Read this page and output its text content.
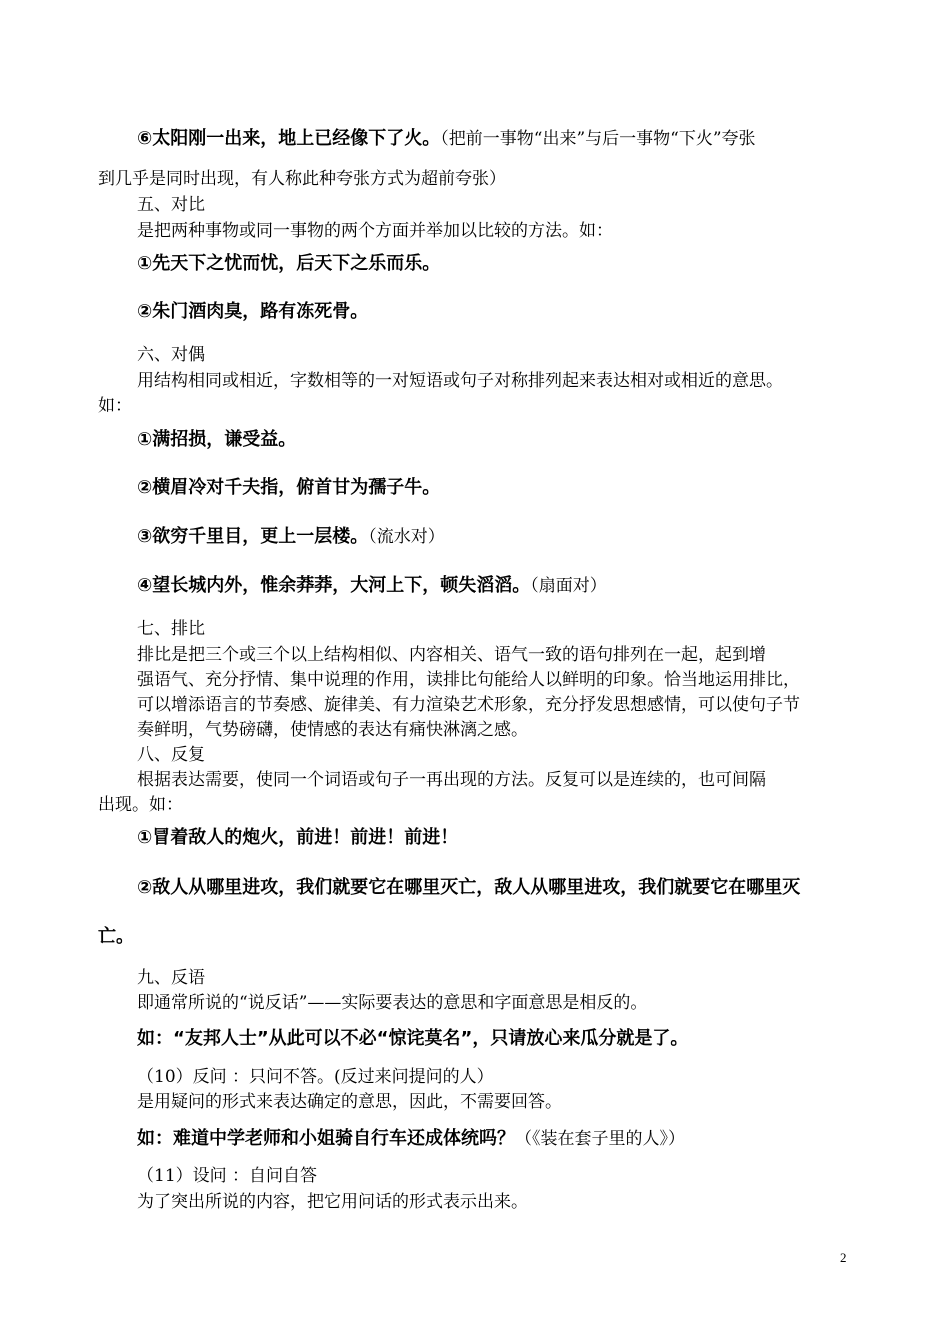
⑥太阳刚一出来，地上已经像下了火。（把前一事物“出来”与后一事物“下火”夸张
到几乎是同时出现，有人称此种夸张方式为超前夸张）
五、对比
是把两种事物或同一事物的两个方面并举加以比较的方法。如：
①先天下之忧而忧，后天下之乐而乐。
②朱门酒肉臭，路有冻死骨。
六、对偶
用结构相同或相近，字数相等的一对短语或句子对称排列起来表达相对或相近的意思。
如：
①满招损，谦受益。
②横眉冷对千夫指，俯首甘为孺子牛。
③欲穷千里目，更上一层楼。（流水对）
④望长城内外，惟余莽莽，大河上下，顿失滔滔。（扇面对）
七、排比
排比是把三个或三个以上结构相似、内容相关、语气一致的语句排列在一起，起到增
强语气、充分抒情、集中说理的作用，读排比句能给人以鲜明的印象。恰当地运用排比，
可以增添语言的节奏感、旋律美、有力渲染艺术形象，充分抒发思想感情，可以使句子节
奏鲜明，气势磅礴，使情感的表达有痛快淋漓之感。
八、反复
根据表达需要，使同一个词语或句子一再出现的方法。反复可以是连续的，也可间隔
出现。如：
①冒着敌人的炮火，前进！前进！前进！
②敌人从哪里进攻，我们就要它在哪里灭亡，敌人从哪里进攻，我们就要它在哪里灭
亡。
九、反语
即通常所说的“说反话”——实际要表达的意思和字面意思是相反的。
如：“友邦人士”从此可以不必“惊诧莫名”，只请放心来瓜分就是了。
（10）反问 ：只问不答。(反过来问提问的人）
是用疑问的形式来表达确定的意思，因此，不需要回答。
如：难道中学老师和小姐骑自行车还成体统吗？（《装在套子里的人》）
（11）设问 ：自问自答
为了突出所说的内容，把它用问话的形式表示出来。
2
